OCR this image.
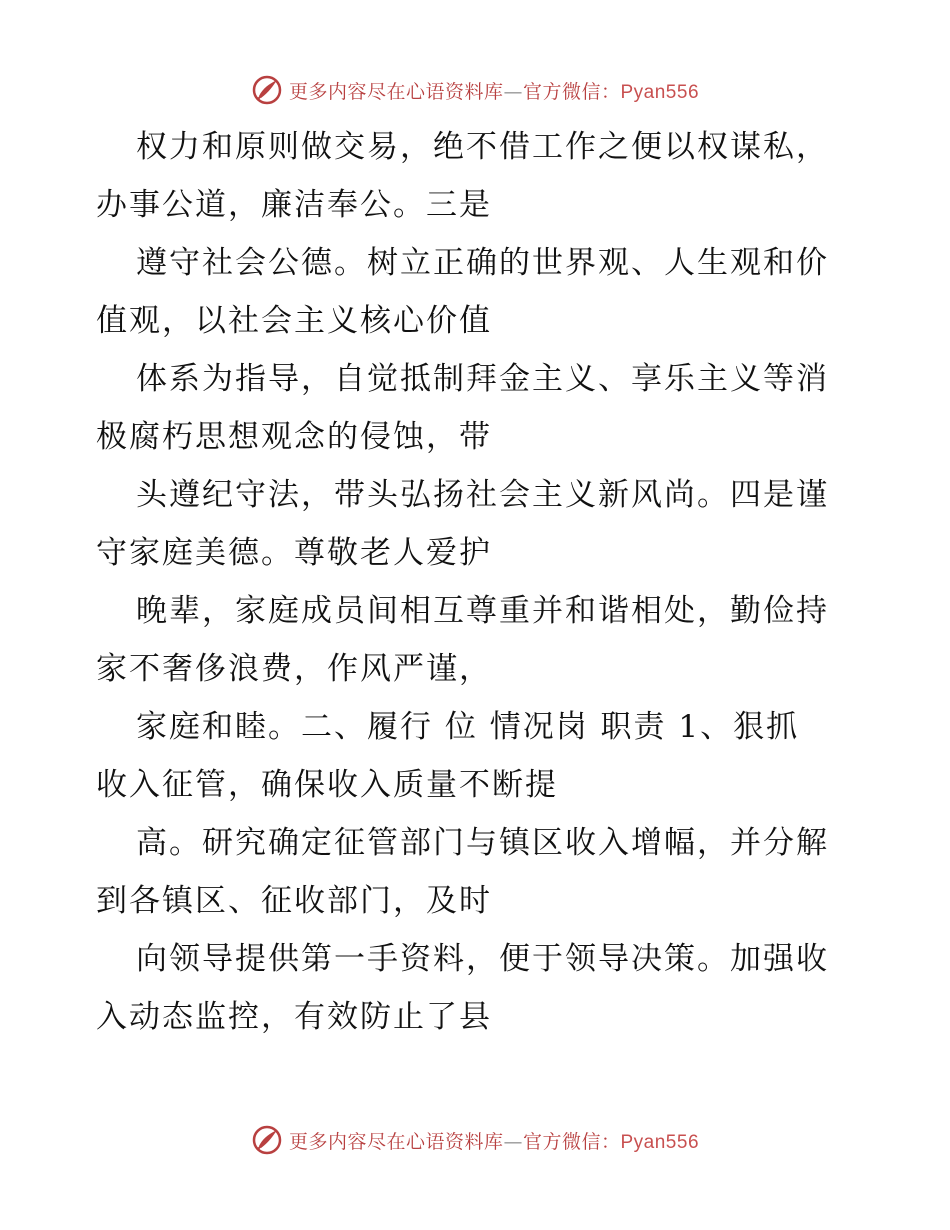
更多内容尽在心语资料库—官方微信：Pyan556

权力和原则做交易，绝不借工作之便以权谋私，
办事公道，廉洁奉公。三是

遵守社会公德。树立正确的世界观、人生观和价
值观，以社会主义核心价值

体系为指导，自觉抵制拜金主义、享乐主义等消
极腐朽思想观念的侵蚀，带

头遵纪守法，带头弘扬社会主义新风尚。四是谨
守家庭美德。尊敬老人爱护

晚辈，家庭成员间相互尊重并和谐相处，勤俭持
家不奢侈浪费，作风严谨，

家庭和睦。二、履行 位 情况岗 职责 1、狠抓
收入征管，确保收入质量不断提

高。研究确定征管部门与镇区收入增幅，并分解
到各镇区、征收部门，及时

向领导提供第一手资料，便于领导决策。加强收
入动态监控，有效防止了县

更多内容尽在心语资料库—官方微信：Pyan556
